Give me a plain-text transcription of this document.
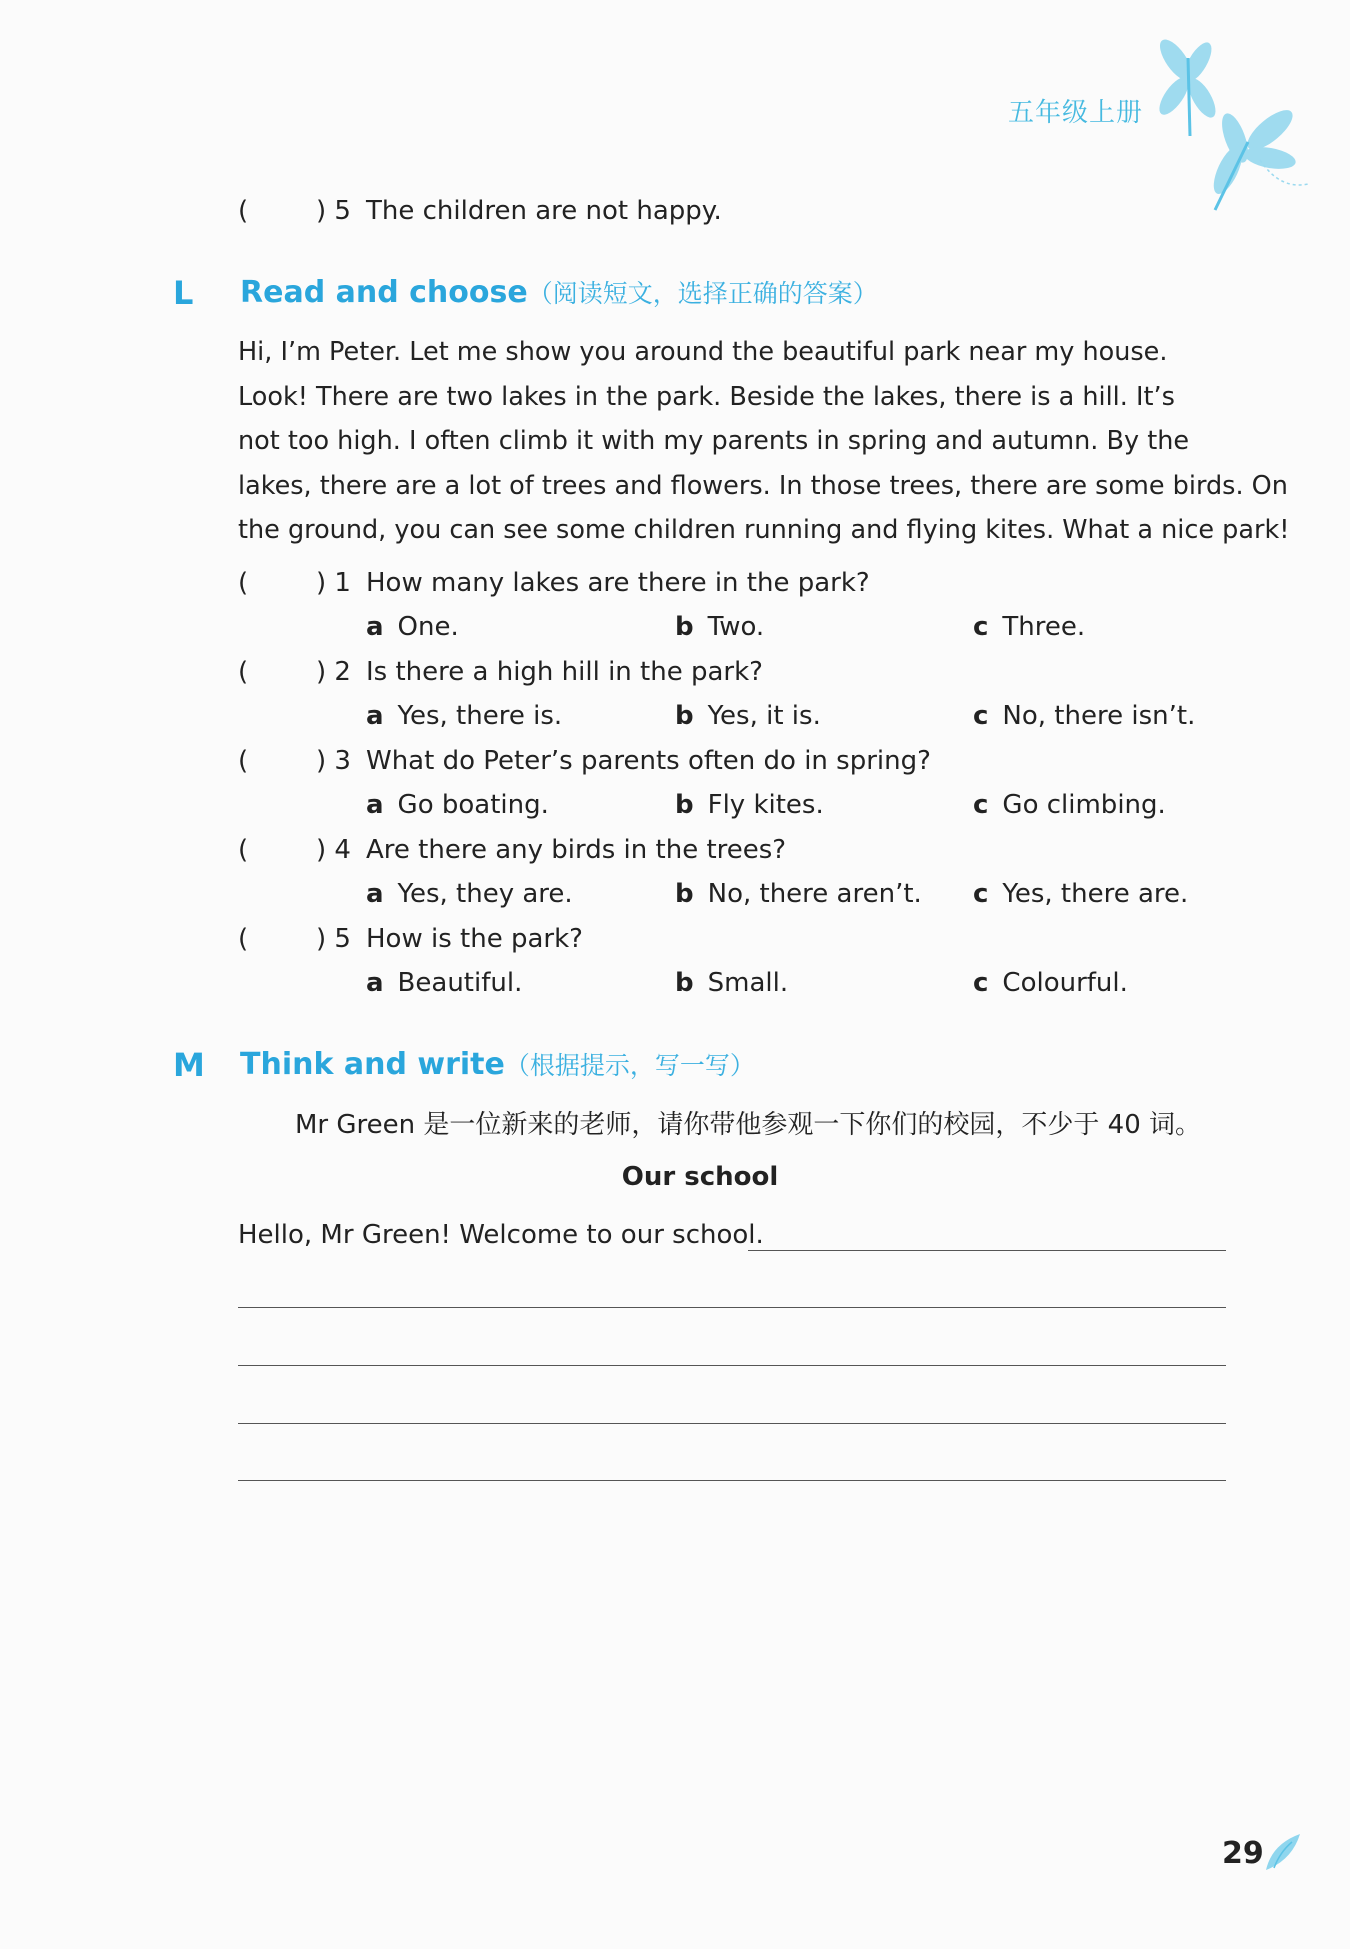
五年级上册
(	) 5 The children are not happy.
L Read and choose（阅读短文，选择正确的答案）

Hi, I’m Peter. Let me show you around the beautiful park near my house.

Look! There are two lakes in the park. Beside the lakes, there is a hill. It’s

not too high. I often climb it with my parents in spring and autumn. By the

lakes, there are a lot of trees and flowers. In those trees, there are some birds. On

the ground, you can see some children running and flying kites. What a nice park!

(	) 1 How many lakes are there in the park?
a One.	b Two.	c Three.
(	) 2 Is there a high hill in the park?
a Yes, there is.	b Yes, it is.	c No, there isn’t.
(	) 3 What do Peter’s parents often do in spring?
a Go boating.	b Fly kites.	c Go climbing.
(	) 4 Are there any birds in the trees?
a Yes, they are.	b No, there aren’t. c Yes, there are.
(	) 5 How is the park?
a Beautiful.	b Small.	c Colourful.
M Think and write（根据提示，写一写）
Mr Green 是一位新来的老师，请你带他参观一下你们的校园，不少于 40 词。
Our school
Hello, Mr Green! Welcome to our school.
29
